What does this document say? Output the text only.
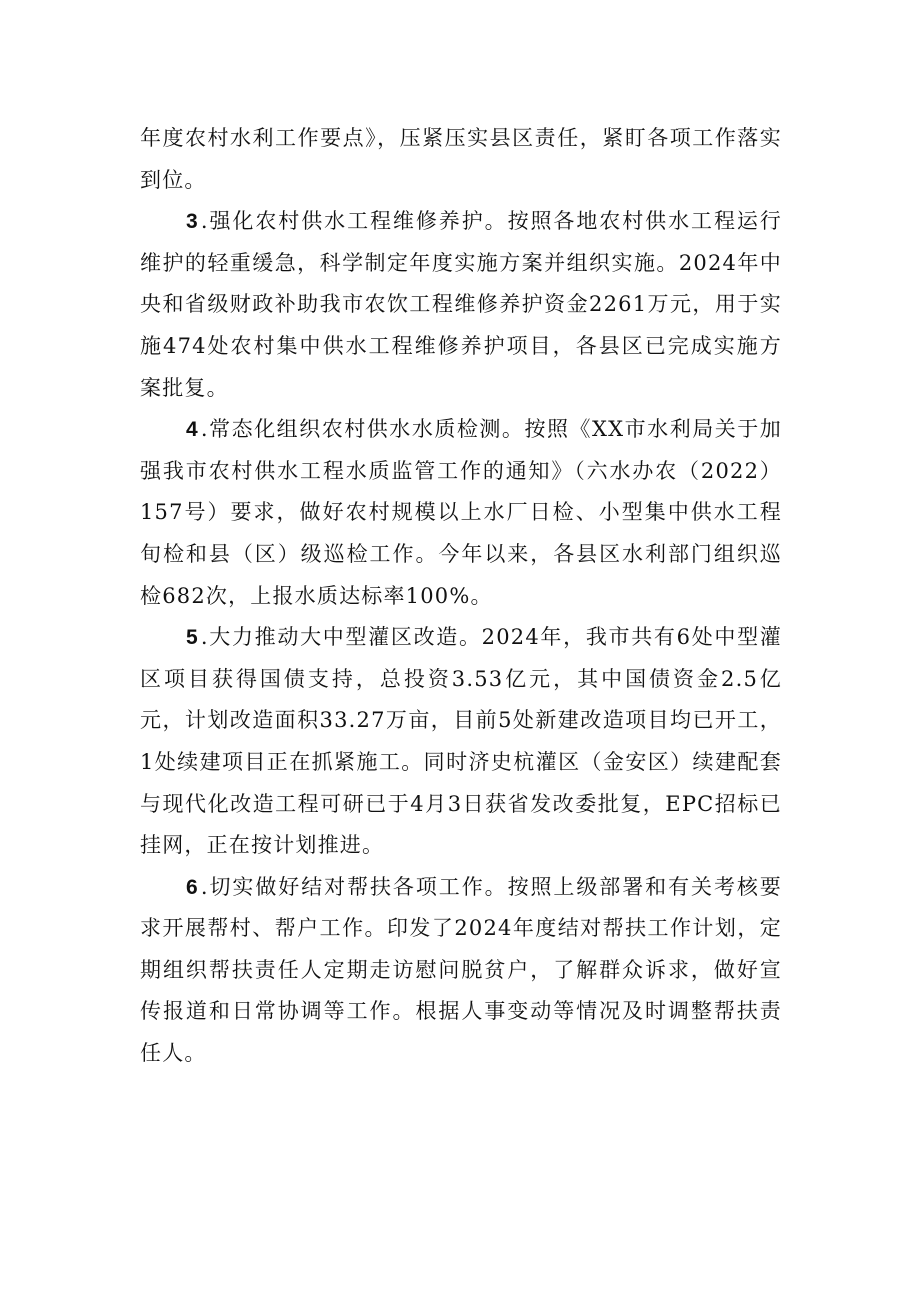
年度农村水利工作要点》，压紧压实县区责任，紧盯各项工作落实到位。

3.强化农村供水工程维修养护。按照各地农村供水工程运行维护的轻重缓急，科学制定年度实施方案并组织实施。2024年中央和省级财政补助我市农饮工程维修养护资金2261万元，用于实施474处农村集中供水工程维修养护项目，各县区已完成实施方案批复。

4.常态化组织农村供水水质检测。按照《XX市水利局关于加强我市农村供水工程水质监管工作的通知》（六水办农（2022）157号）要求，做好农村规模以上水厂日检、小型集中供水工程旬检和县（区）级巡检工作。今年以来，各县区水利部门组织巡检682次，上报水质达标率100%。

5.大力推动大中型灌区改造。2024年，我市共有6处中型灌区项目获得国债支持，总投资3.53亿元，其中国债资金2.5亿元，计划改造面积33.27万亩，目前5处新建改造项目均已开工，1处续建项目正在抓紧施工。同时济史杭灌区（金安区）续建配套与现代化改造工程可研已于4月3日获省发改委批复，EPC招标已挂网，正在按计划推进。

6.切实做好结对帮扶各项工作。按照上级部署和有关考核要求开展帮村、帮户工作。印发了2024年度结对帮扶工作计划，定期组织帮扶责任人定期走访慰问脱贫户，了解群众诉求，做好宣传报道和日常协调等工作。根据人事变动等情况及时调整帮扶责任人。
